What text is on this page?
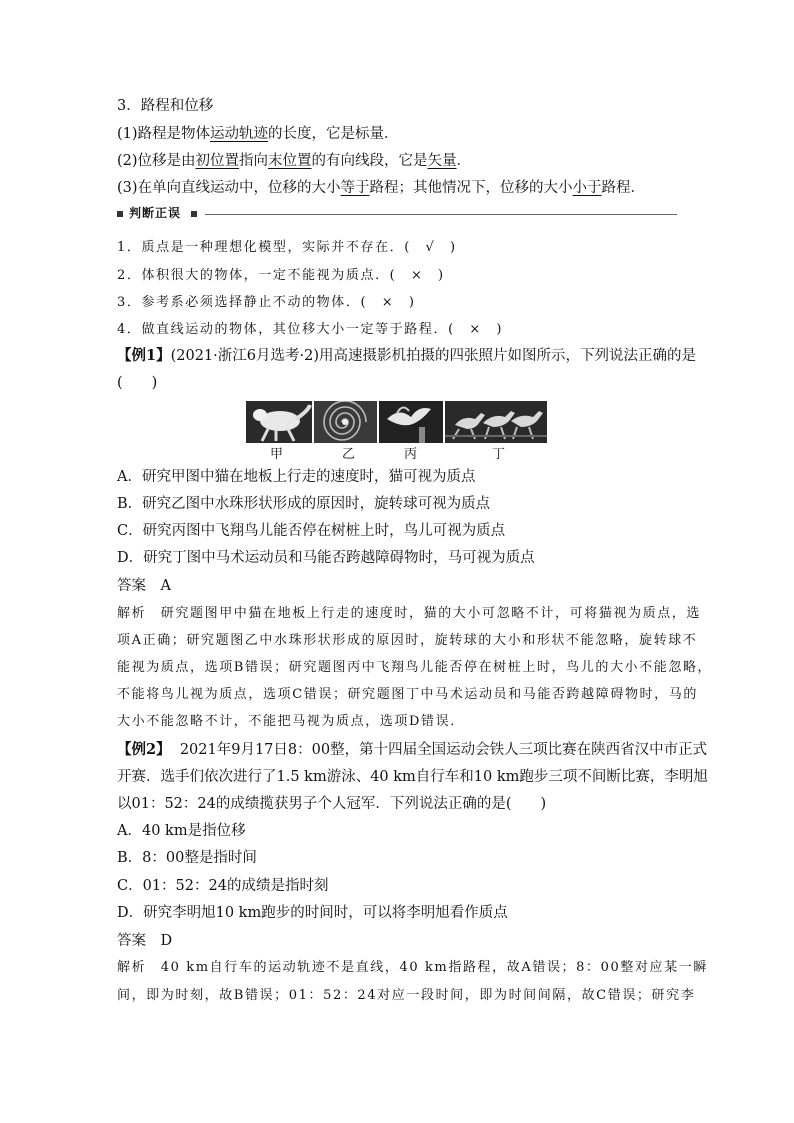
3．路程和位移
(1)路程是物体运动轨迹的长度，它是标量．
(2)位移是由初位置指向末位置的有向线段，它是矢量．
(3)在单向直线运动中，位移的大小等于路程；其他情况下，位移的大小小于路程．
判断正误
1．质点是一种理想化模型，实际并不存在．(　√　)
2．体积很大的物体，一定不能视为质点．(　×　)
3．参考系必须选择静止不动的物体．(　×　)
4．做直线运动的物体，其位移大小一定等于路程．(　×　)
【例1】(2021·浙江6月选考·2)用高速摄影机拍摄的四张照片如图所示，下列说法正确的是
(　　)
甲	乙	丙	丁
A．研究甲图中猫在地板上行走的速度时，猫可视为质点
B．研究乙图中水珠形状形成的原因时，旋转球可视为质点
C．研究丙图中飞翔鸟儿能否停在树桩上时，鸟儿可视为质点
D．研究丁图中马术运动员和马能否跨越障碍物时，马可视为质点
答案　A
解析　研究题图甲中猫在地板上行走的速度时，猫的大小可忽略不计，可将猫视为质点，选
项A正确；研究题图乙中水珠形状形成的原因时，旋转球的大小和形状不能忽略，旋转球不
能视为质点，选项B错误；研究题图丙中飞翔鸟儿能否停在树桩上时，鸟儿的大小不能忽略，
不能将鸟儿视为质点，选项C错误；研究题图丁中马术运动员和马能否跨越障碍物时，马的
大小不能忽略不计，不能把马视为质点，选项D错误．
【例2】 2021年9月17日8：00整，第十四届全国运动会铁人三项比赛在陕西省汉中市正式
开赛．选手们依次进行了1.5 km游泳、40 km自行车和10 km跑步三项不间断比赛，李明旭
以01：52：24的成绩揽获男子个人冠军．下列说法正确的是(　　)
A．40 km是指位移
B．8：00整是指时间
C．01：52：24的成绩是指时刻
D．研究李明旭10 km跑步的时间时，可以将李明旭看作质点
答案　D
解析　40 km自行车的运动轨迹不是直线，40 km指路程，故A错误；8：00整对应某一瞬
间，即为时刻，故B错误；01：52：24对应一段时间，即为时间间隔，故C错误；研究李
